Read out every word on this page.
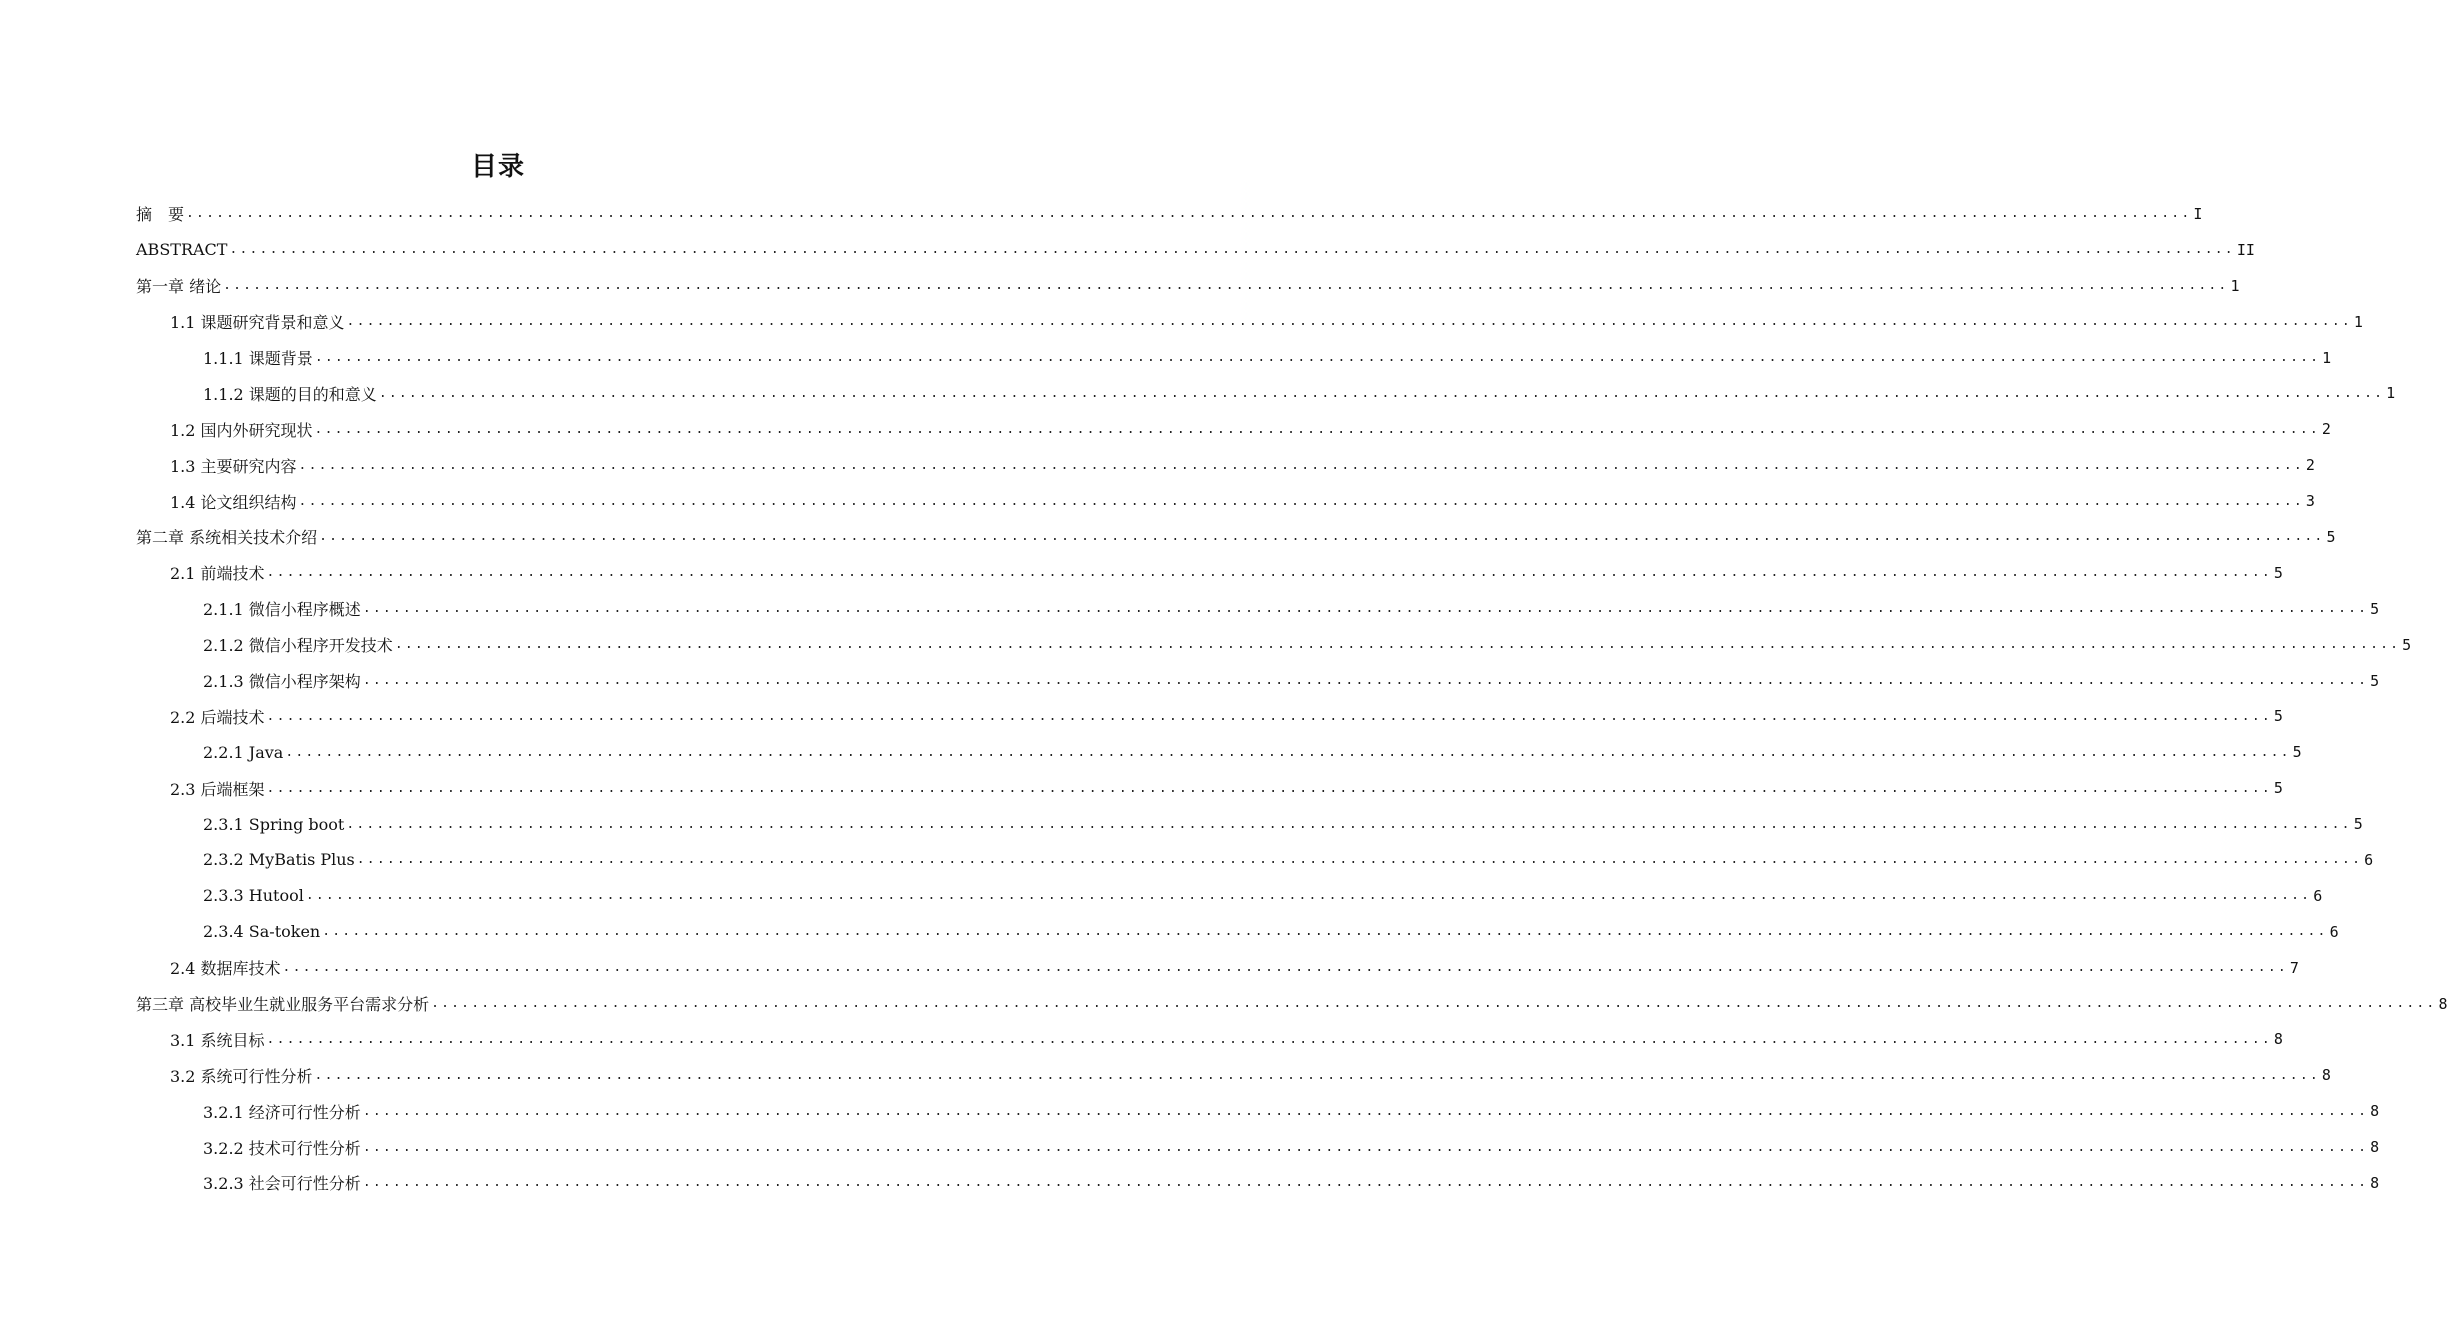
目录
摘　要 ........................................................................................................................................................................................................ I
ABSTRACT ........................................................................................................................................................................................................ II
第一章 绪论 ........................................................................................................................................................................................................ 1
1.1 课题研究背景和意义 ........................................................................................................................................................................................................ 1
1.1.1 课题背景 ........................................................................................................................................................................................................ 1
1.1.2 课题的目的和意义 ........................................................................................................................................................................................................ 1
1.2 国内外研究现状 ........................................................................................................................................................................................................ 2
1.3 主要研究内容 ........................................................................................................................................................................................................ 2
1.4 论文组织结构 ........................................................................................................................................................................................................ 3
第二章 系统相关技术介绍 ........................................................................................................................................................................................................ 5
2.1 前端技术 ........................................................................................................................................................................................................ 5
2.1.1 微信小程序概述 ........................................................................................................................................................................................................ 5
2.1.2 微信小程序开发技术 ........................................................................................................................................................................................................ 5
2.1.3 微信小程序架构 ........................................................................................................................................................................................................ 5
2.2 后端技术 ........................................................................................................................................................................................................ 5
2.2.1 Java ........................................................................................................................................................................................................ 5
2.3 后端框架 ........................................................................................................................................................................................................ 5
2.3.1 Spring boot ........................................................................................................................................................................................................ 5
2.3.2 MyBatis Plus ........................................................................................................................................................................................................ 6
2.3.3 Hutool ........................................................................................................................................................................................................ 6
2.3.4 Sa-token ........................................................................................................................................................................................................ 6
2.4 数据库技术 ........................................................................................................................................................................................................ 7
第三章 高校毕业生就业服务平台需求分析 ........................................................................................................................................................................................................ 8
3.1 系统目标 ........................................................................................................................................................................................................ 8
3.2 系统可行性分析 ........................................................................................................................................................................................................ 8
3.2.1 经济可行性分析 ........................................................................................................................................................................................................ 8
3.2.2 技术可行性分析 ........................................................................................................................................................................................................ 8
3.2.3 社会可行性分析 ........................................................................................................................................................................................................ 8
